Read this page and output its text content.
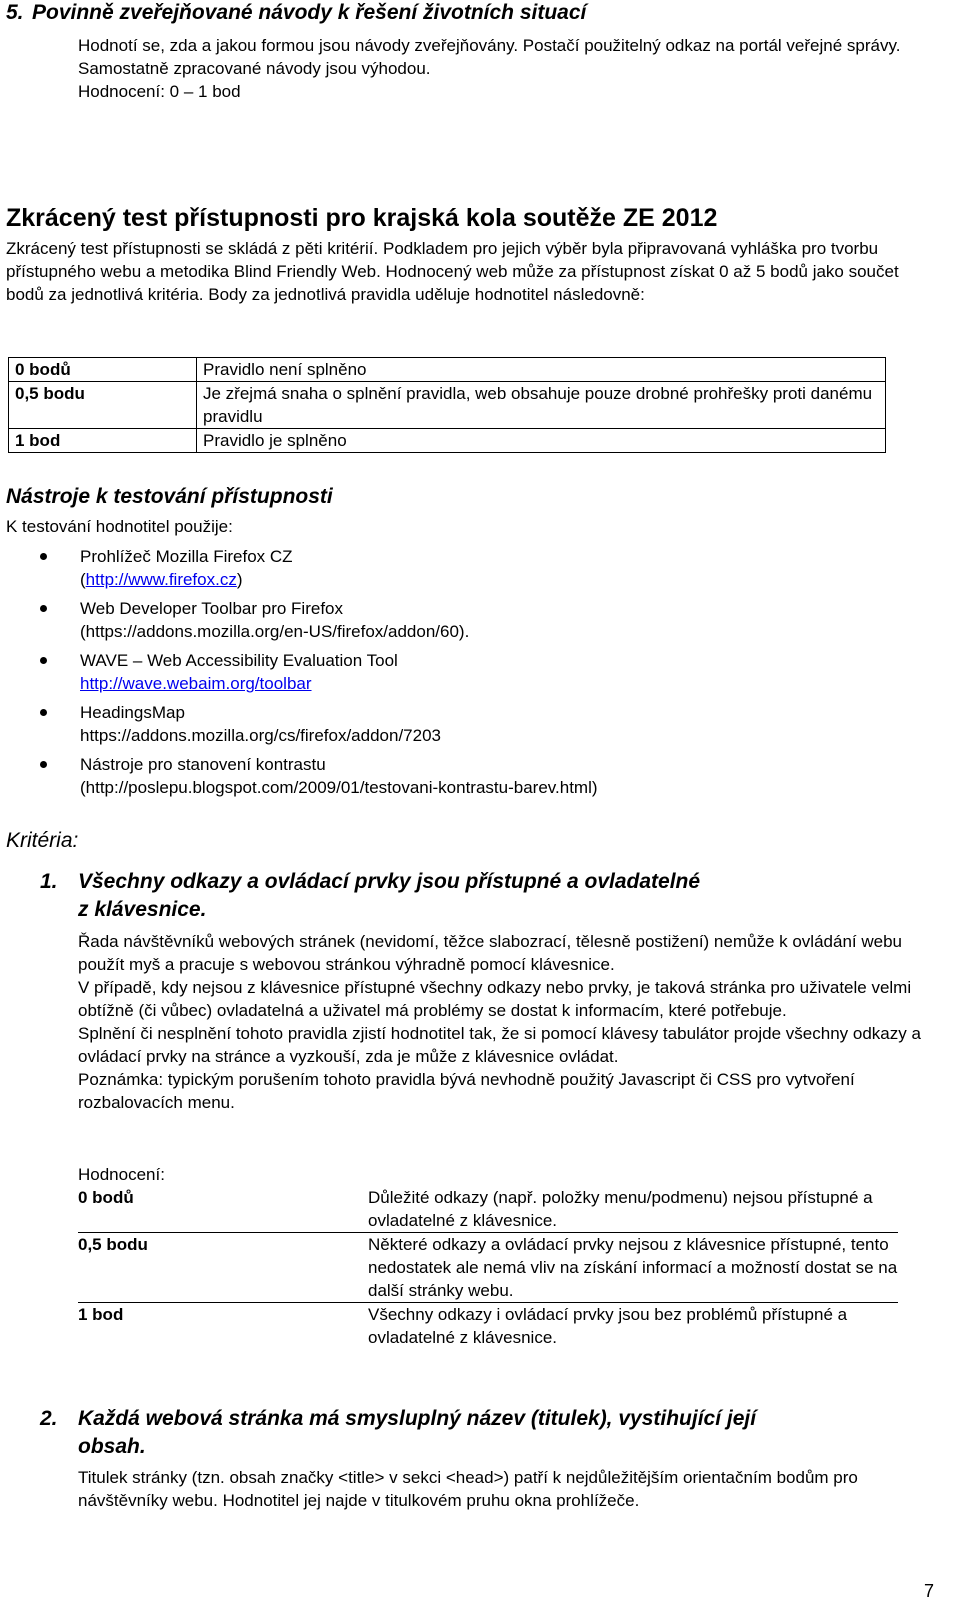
5. Povinně zveřejňované návody k řešení životních situací

Hodnotí se, zda a jakou formou jsou návody zveřejňovány. Postačí použitelný odkaz na portál veřejné správy. Samostatně zpracované návody jsou výhodou.

Hodnocení: 0 – 1 bod

Zkrácený test přístupnosti pro krajská kola soutěže ZE 2012
Zkrácený test přístupnosti se skládá z pěti kritérií. Podkladem pro jejich výběr byla připravovaná vyhláška pro tvorbu přístupného webu a metodika Blind Friendly Web. Hodnocený web může za přístupnost získat 0 až 5 bodů jako součet bodů za jednotlivá kritéria. Body za jednotlivá pravidla uděluje hodnotitel následovně:
0 bodů	Pravidlo není splněno
0,5 bodu	Je zřejmá snaha o splnění pravidla, web obsahuje pouze drobné prohřešky proti danému pravidlu
1 bod	Pravidlo je splněno
Nástroje k testování přístupnosti
K testování hodnotitel použije:
Prohlížeč Mozilla Firefox CZ
(http://www.firefox.cz)
Web Developer Toolbar pro Firefox
(https://addons.mozilla.org/en-US/firefox/addon/60).
WAVE – Web Accessibility Evaluation Tool
http://wave.webaim.org/toolbar
HeadingsMap
https://addons.mozilla.org/cs/firefox/addon/7203
Nástroje pro stanovení kontrastu
(http://poslepu.blogspot.com/2009/01/testovani-kontrastu-barev.html)
Kritéria:
1. Všechny odkazy a ovládací prvky jsou přístupné a ovladatelné
z klávesnice.

Řada návštěvníků webových stránek (nevidomí, těžce slabozrací, tělesně postižení) nemůže k ovládání webu použít myš a pracuje s webovou stránkou výhradně pomocí klávesnice.

V případě, kdy nejsou z klávesnice přístupné všechny odkazy nebo prvky, je taková stránka pro uživatele velmi obtížně (či vůbec) ovladatelná a uživatel má problémy se dostat k informacím, které potřebuje.

Splnění či nesplnění tohoto pravidla zjistí hodnotitel tak, že si pomocí klávesy tabulátor projde všechny odkazy a ovládací prvky na stránce a vyzkouší, zda je může z klávesnice ovládat.

Poznámka: typickým porušením tohoto pravidla bývá nevhodně použitý Javascript či CSS pro vytvoření rozbalovacích menu.

Hodnocení:
0 bodů	Důležité odkazy (např. položky menu/podmenu) nejsou přístupné a ovladatelné z klávesnice.
0,5 bodu	Některé odkazy a ovládací prvky nejsou z klávesnice přístupné, tento nedostatek ale nemá vliv na získání informací a možností dostat se na další stránky webu.
1 bod	Všechny odkazy i ovládací prvky jsou bez problémů přístupné a ovladatelné z klávesnice.
2. Každá webová stránka má smysluplný název (titulek), vystihující její
obsah.
Titulek stránky (tzn. obsah značky <title> v sekci <head>) patří k nejdůležitějším orientačním bodům pro návštěvníky webu. Hodnotitel jej najde v titulkovém pruhu okna prohlížeče.
7
